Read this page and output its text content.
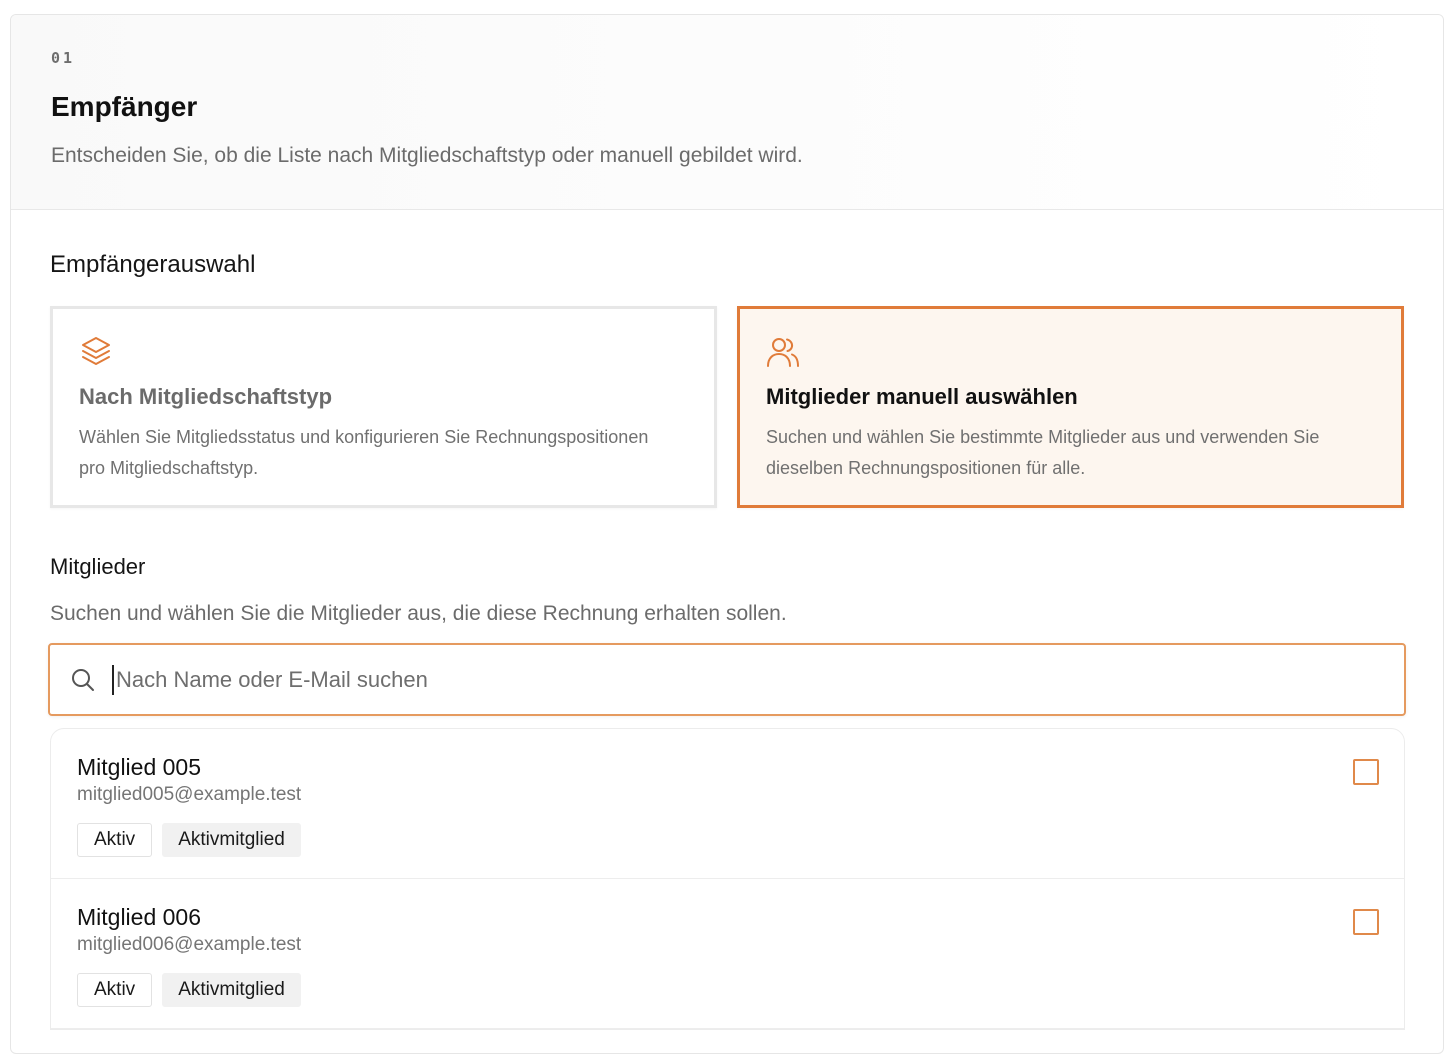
01
Empfänger
Entscheiden Sie, ob die Liste nach Mitgliedschaftstyp oder manuell gebildet wird.
Empfängerauswahl
Nach Mitgliedschaftstyp
Wählen Sie Mitgliedsstatus und konfigurieren Sie Rechnungspositionen pro Mitgliedschaftstyp.
Mitglieder manuell auswählen
Suchen und wählen Sie bestimmte Mitglieder aus und verwenden Sie dieselben Rechnungspositionen für alle.
Mitglieder
Suchen und wählen Sie die Mitglieder aus, die diese Rechnung erhalten sollen.
Nach Name oder E-Mail suchen
Mitglied 005
mitglied005@example.test
Aktiv	Aktivmitglied
Mitglied 006
mitglied006@example.test
Aktiv	Aktivmitglied
